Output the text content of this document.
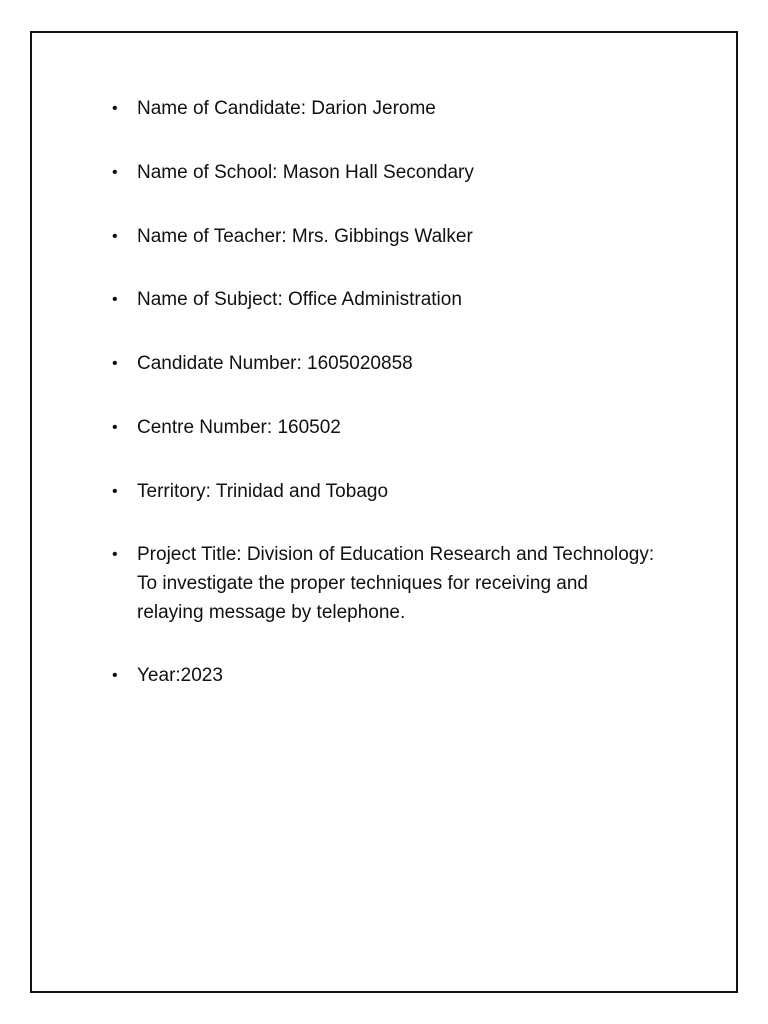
• Name of Candidate: Darion Jerome

• Name of School: Mason Hall Secondary

• Name of Teacher: Mrs. Gibbings Walker

• Name of Subject: Office Administration

• Candidate Number: 1605020858

• Centre Number: 160502

• Territory: Trinidad and Tobago

• Project Title: Division of Education Research and Technology: To investigate the proper techniques for receiving and relaying message by telephone.

• Year:2023
